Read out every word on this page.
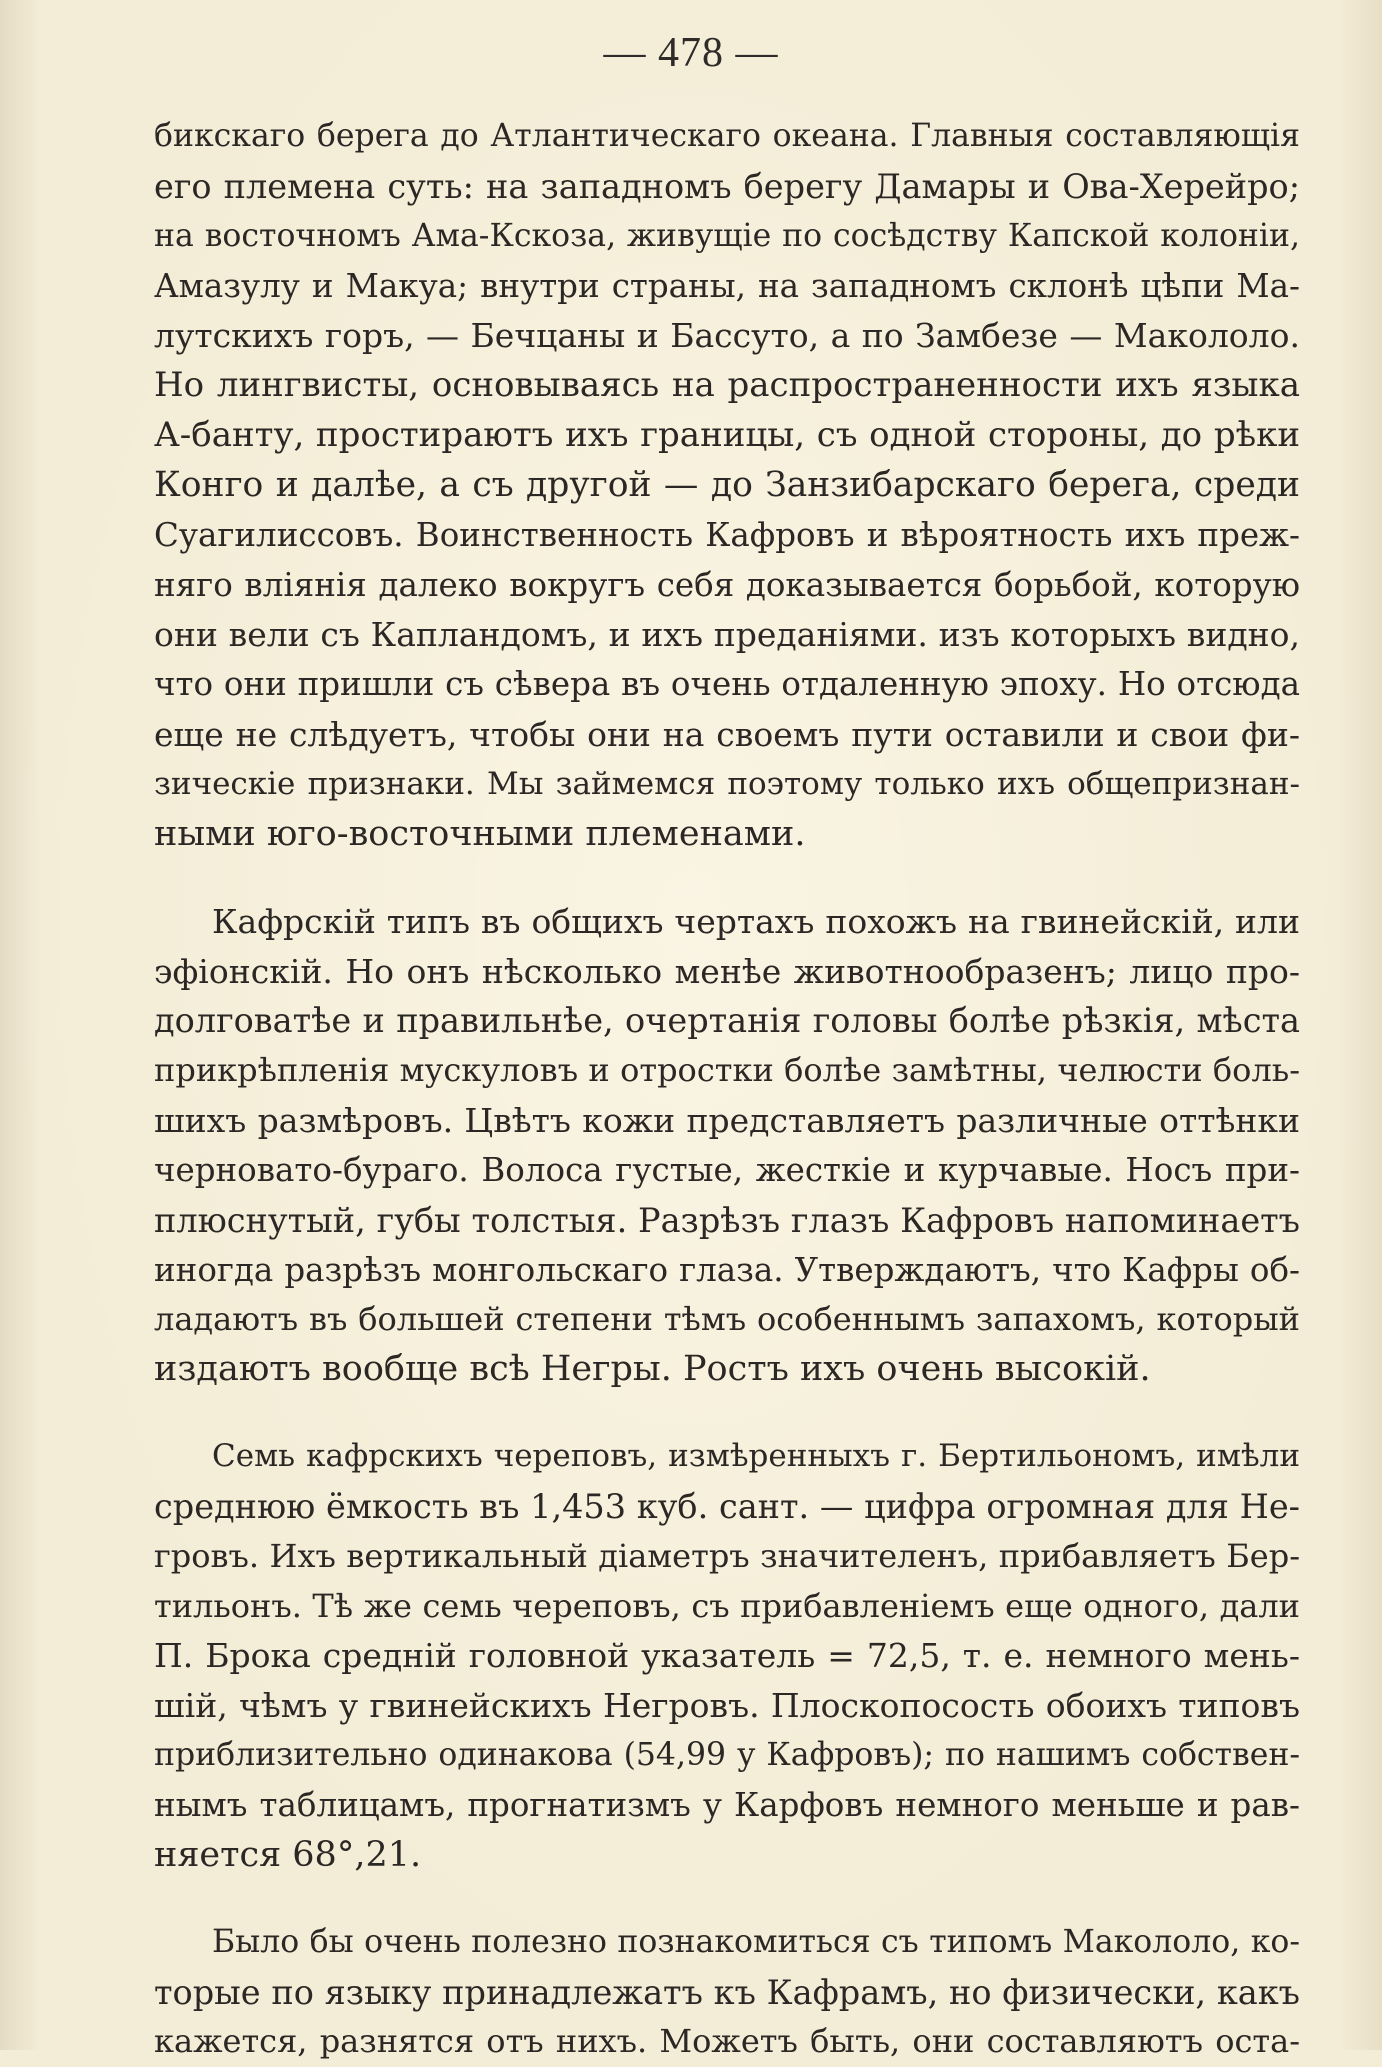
— 478 —
бикскаго берега до Атлантическаго океана. Главныя составляющія
его племена суть: на западномъ берегу Дамары и Ова-Херейро;
на восточномъ Ама-Кскоза, живущіе по сосѣдству Капской колоніи,
Амазулу и Макуа; внутри страны, на западномъ склонѣ цѣпи Ма-
лутскихъ горъ, — Бечцаны и Бассуто, а по Замбезе — Макололо.
Но лингвисты, основываясь на распространенности ихъ языка
А-банту, простираютъ ихъ границы, съ одной стороны, до рѣки
Конго и далѣе, а съ другой — до Занзибарскаго берега, среди
Суагилиссовъ. Воинственность Кафровъ и вѣроятность ихъ преж-
няго вліянія далеко вокругъ себя доказывается борьбой, которую
они вели съ Капландомъ, и ихъ преданіями. изъ которыхъ видно,
что они пришли съ сѣвера въ очень отдаленную эпоху. Но отсюда
еще не слѣдуетъ, чтобы они на своемъ пути оставили и свои фи-
зическіе признаки. Мы займемся поэтому только ихъ общепризнан-
ными юго-восточными племенами.
Кафрскій типъ въ общихъ чертахъ похожъ на гвинейскій, или
эфіонскій. Но онъ нѣсколько менѣе животнообразенъ; лицо про-
долговатѣе и правильнѣе, очертанія головы болѣе рѣзкія, мѣста
прикрѣпленія мускуловъ и отростки болѣе замѣтны, челюсти боль-
шихъ размѣровъ. Цвѣтъ кожи представляетъ различные оттѣнки
черновато-бураго. Волоса густые, жесткіе и курчавые. Носъ при-
плюснутый, губы толстыя. Разрѣзъ глазъ Кафровъ напоминаетъ
иногда разрѣзъ монгольскаго глаза. Утверждаютъ, что Кафры об-
ладаютъ въ большей степени тѣмъ особеннымъ запахомъ, который
издаютъ вообще всѣ Негры. Ростъ ихъ очень высокій.
Семь кафрскихъ череповъ, измѣренныхъ г. Бертильономъ, имѣли
среднюю ёмкость въ 1,453 куб. сант. — цифра огромная для Не-
гровъ. Ихъ вертикальный діаметръ значителенъ, прибавляетъ Бер-
тильонъ. Тѣ же семь череповъ, съ прибавленіемъ еще одного, дали
П. Брока средній головной указатель = 72,5, т. е. немного мень-
шій, чѣмъ у гвинейскихъ Негровъ. Плоскопосость обоихъ типовъ
приблизительно одинакова (54,99 у Кафровъ); по нашимъ собствен-
нымъ таблицамъ, прогнатизмъ у Карфовъ немного меньше и рав-
няется 68°,21.
Было бы очень полезно познакомиться съ типомъ Макололо, ко-
торые по языку принадлежатъ къ Кафрамъ, но физически, какъ
кажется, разнятся отъ нихъ. Можетъ быть, они составляютъ оста-
